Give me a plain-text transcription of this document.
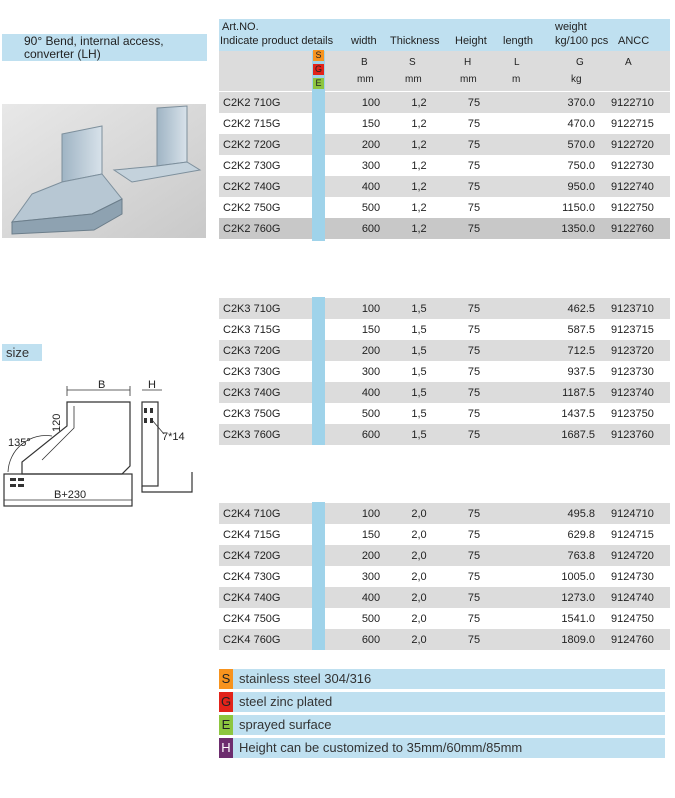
90° Bend, internal access, converter (LH)
size
B	H
135°
120
7*14
B+230
Art.NO.
Indicate product details width Thickness Height length
weight
kg/100 pcs ANCC
B	S	H	L	G	A
mm	mm	mm	m	kg
S
G
E
C2K2 710G	100	1,2	75	370.0 9122710
C2K2 715G	150	1,2	75	470.0 9122715
C2K2 720G	200	1,2	75	570.0 9122720
C2K2 730G	300	1,2	75	750.0 9122730
C2K2 740G	400	1,2	75	950.0 9122740
C2K2 750G	500	1,2	75	1150.0 9122750
C2K2 760G	600	1,2	75	1350.0 9122760
C2K3 710G	100	1,5	75	462.5 9123710
C2K3 715G	150	1,5	75	587.5 9123715
C2K3 720G	200	1,5	75	712.5 9123720
C2K3 730G	300	1,5	75	937.5 9123730
C2K3 740G	400	1,5	75	1187.5 9123740
C2K3 750G	500	1,5	75	1437.5 9123750
C2K3 760G	600	1,5	75	1687.5 9123760
C2K4 710G	100	2,0	75	495.8 9124710
C2K4 715G	150	2,0	75	629.8 9124715
C2K4 720G	200	2,0	75	763.8 9124720
C2K4 730G	300	2,0	75	1005.0 9124730
C2K4 740G	400	2,0	75	1273.0 9124740
C2K4 750G	500	2,0	75	1541.0 9124750
C2K4 760G	600	2,0	75	1809.0 9124760
S stainless steel 304/316
G steel zinc plated
E sprayed surface
H Height can be customized to 35mm/60mm/85mm
